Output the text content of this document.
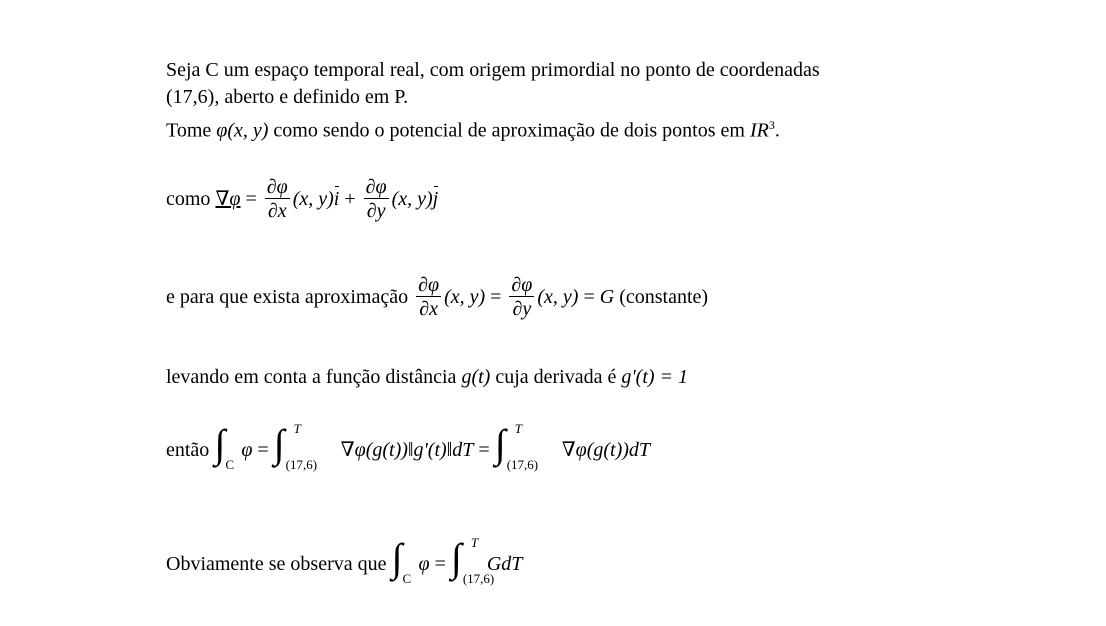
Seja C um espaço temporal real, com origem primordial no ponto de coordenadas
(17,6), aberto e definido em P.
Tome φ(x, y) como sendo o potencial de aproximação de dois pontos em $IR^3$.
como $\nabla\varphi = \frac{\partial\varphi}{\partial x} (x$, $y)i + \frac{\partial\varphi}{\partial y} (x$, y)j
e para que exista aproximação $\frac{\partial\varphi}{\partial x} (x$, $y) = \frac{\partial\varphi}{\partial y} (x$, y) = G (constante)
levando em conta a função distância g(t) cuja derivada é g'(t) = 1
então ∫ C
φ = ∫ T
(17,6)
∇φ(g(t))‖g'(t)‖dT = ∫ T
(17,6)
∇φ(g(t))dT
Obviamente se observa que ∫ C
φ = ∫ T
(17,6)
GdT
